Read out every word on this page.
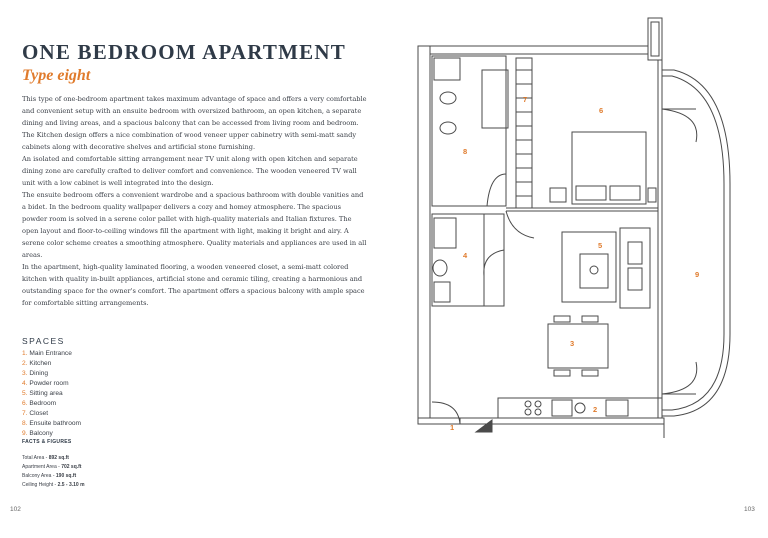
ONE BEDROOM APARTMENT
Type eight

This type of one-bedroom apartment takes maximum advantage of space and offers a very comfortable and convenient setup with an ensuite bedroom with oversized bathroom, an open kitchen, a separate dining and living areas, and a spacious balcony that can be accessed from living room and bedroom. The Kitchen design offers a nice combination of wood veneer upper cabinetry with semi-matt sandy cabinets along with decorative shelves and artificial stone furnishing.

An isolated and comfortable sitting arrangement near TV unit along with open kitchen and separate dining zone are carefully crafted to deliver comfort and convenience. The wooden veneered TV wall unit with a low cabinet is well integrated into the design.

The ensuite bedroom offers a convenient wardrobe and a spacious bathroom with double vanities and a bidet. In the bedroom quality wallpaper delivers a cozy and homey atmosphere. The spacious powder room is solved in a serene color pallet with high-quality materials and Italian fixtures. The open layout and floor-to-ceiling windows fill the apartment with light, making it bright and airy. A serene color scheme creates a smoothing atmosphere. Quality materials and appliances are used in all areas.

In the apartment, high-quality laminated flooring, a wooden veneered closet, a semi-matt colored kitchen with quality in-built appliances, artificial stone and ceramic tiling, creating a harmonious and outstanding space for the owner's comfort. The apartment offers a spacious balcony with ample space for comfortable sitting arrangements.

SPACES
1. Main Entrance
2. Kitchen
3. Dining
4. Powder room
5. Sitting area
6. Bedroom
7. Closet
8. Ensuite bathroom
9. Balcony
FACTS & FIGURES
Total Area - 892 sq.ft
Apartment Area - 702 sq.ft
Balcony Area - 190 sq.ft
Ceiling Height - 2.5 - 3.10 m
102	103
1
2
3
4
5
6
7
8
9
